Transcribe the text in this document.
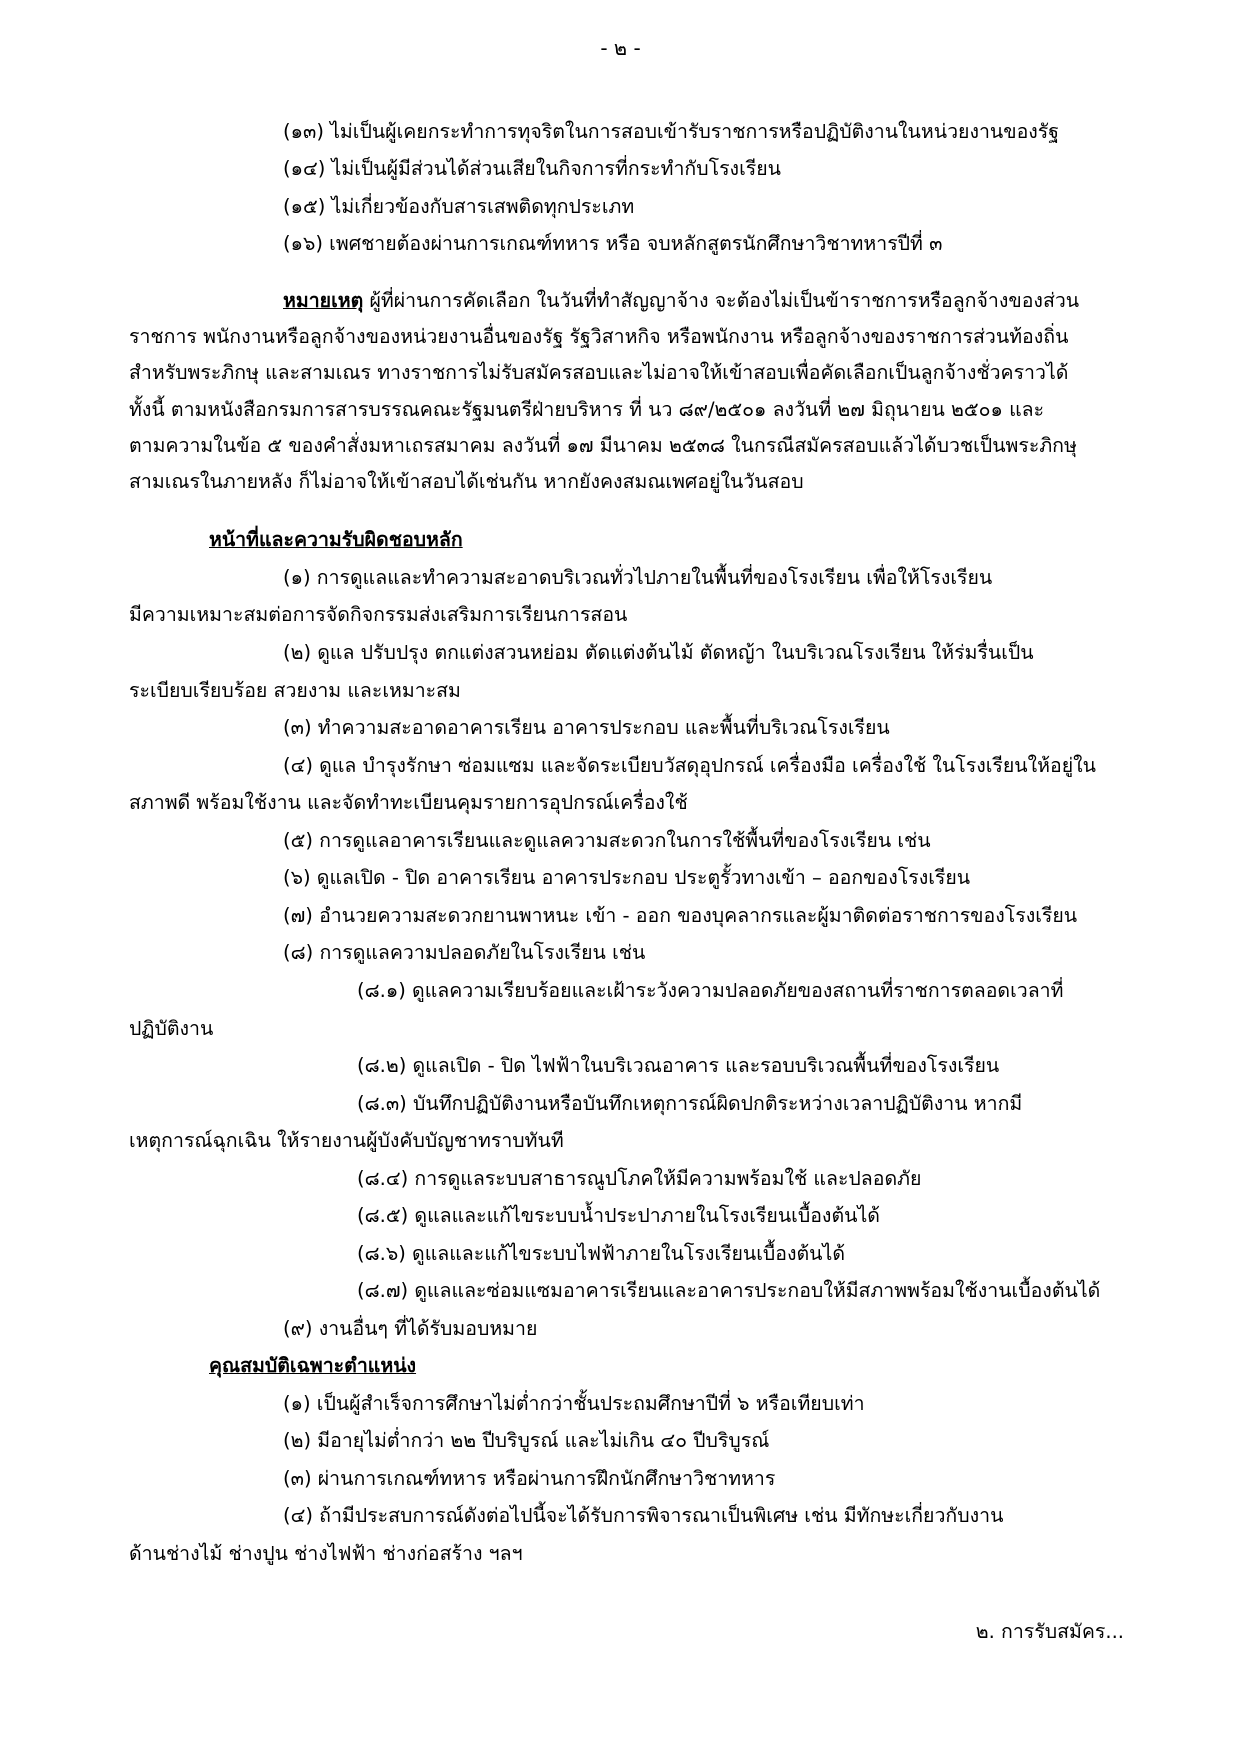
- ๒ -
(๑๓) ไม่เป็นผู้เคยกระทำการทุจริตในการสอบเข้ารับราชการหรือปฏิบัติงานในหน่วยงานของรัฐ
(๑๔) ไม่เป็นผู้มีส่วนได้ส่วนเสียในกิจการที่กระทำกับโรงเรียน
(๑๕) ไม่เกี่ยวข้องกับสารเสพติดทุกประเภท
(๑๖) เพศชายต้องผ่านการเกณฑ์ทหาร หรือ จบหลักสูตรนักศึกษาวิชาทหารปีที่ ๓
หมายเหตุ ผู้ที่ผ่านการคัดเลือก ในวันที่ทำสัญญาจ้าง จะต้องไม่เป็นข้าราชการหรือลูกจ้างของส่วน
ราชการ พนักงานหรือลูกจ้างของหน่วยงานอื่นของรัฐ รัฐวิสาหกิจ หรือพนักงาน หรือลูกจ้างของราชการส่วนท้องถิ่น
สำหรับพระภิกษุ และสามเณร ทางราชการไม่รับสมัครสอบและไม่อาจให้เข้าสอบเพื่อคัดเลือกเป็นลูกจ้างชั่วคราวได้
ทั้งนี้ ตามหนังสือกรมการสารบรรณคณะรัฐมนตรีฝ่ายบริหาร ที่ นว ๘๙/๒๕๐๑ ลงวันที่ ๒๗ มิถุนายน ๒๕๐๑ และ
ตามความในข้อ ๕ ของคำสั่งมหาเถรสมาคม ลงวันที่ ๑๗ มีนาคม ๒๕๓๘ ในกรณีสมัครสอบแล้วได้บวชเป็นพระภิกษุ
สามเณรในภายหลัง ก็ไม่อาจให้เข้าสอบได้เช่นกัน หากยังคงสมณเพศอยู่ในวันสอบ
หน้าที่และความรับผิดชอบหลัก
(๑) การดูแลและทำความสะอาดบริเวณทั่วไปภายในพื้นที่ของโรงเรียน เพื่อให้โรงเรียน
มีความเหมาะสมต่อการจัดกิจกรรมส่งเสริมการเรียนการสอน
(๒) ดูแล ปรับปรุง ตกแต่งสวนหย่อม ตัดแต่งต้นไม้ ตัดหญ้า ในบริเวณโรงเรียน ให้ร่มรื่นเป็น
ระเบียบเรียบร้อย สวยงาม และเหมาะสม
(๓) ทำความสะอาดอาคารเรียน อาคารประกอบ และพื้นที่บริเวณโรงเรียน
(๔) ดูแล บำรุงรักษา ซ่อมแซม และจัดระเบียบวัสดุอุปกรณ์ เครื่องมือ เครื่องใช้ ในโรงเรียนให้อยู่ใน
สภาพดี พร้อมใช้งาน และจัดทำทะเบียนคุมรายการอุปกรณ์เครื่องใช้
(๕) การดูแลอาคารเรียนและดูแลความสะดวกในการใช้พื้นที่ของโรงเรียน เช่น
(๖) ดูแลเปิด - ปิด อาคารเรียน อาคารประกอบ ประตูรั้วทางเข้า – ออกของโรงเรียน
(๗) อำนวยความสะดวกยานพาหนะ เข้า - ออก ของบุคลากรและผู้มาติดต่อราชการของโรงเรียน
(๘) การดูแลความปลอดภัยในโรงเรียน เช่น
(๘.๑) ดูแลความเรียบร้อยและเฝ้าระวังความปลอดภัยของสถานที่ราชการตลอดเวลาที่
ปฏิบัติงาน
(๘.๒) ดูแลเปิด - ปิด ไฟฟ้าในบริเวณอาคาร และรอบบริเวณพื้นที่ของโรงเรียน
(๘.๓) บันทึกปฏิบัติงานหรือบันทึกเหตุการณ์ผิดปกติระหว่างเวลาปฏิบัติงาน หากมี
เหตุการณ์ฉุกเฉิน ให้รายงานผู้บังคับบัญชาทราบทันที
(๘.๔) การดูแลระบบสาธารณูปโภคให้มีความพร้อมใช้ และปลอดภัย
(๘.๕) ดูแลและแก้ไขระบบน้ำประปาภายในโรงเรียนเบื้องต้นได้
(๘.๖) ดูแลและแก้ไขระบบไฟฟ้าภายในโรงเรียนเบื้องต้นได้
(๘.๗) ดูแลและซ่อมแซมอาคารเรียนและอาคารประกอบให้มีสภาพพร้อมใช้งานเบื้องต้นได้
(๙) งานอื่นๆ ที่ได้รับมอบหมาย
คุณสมบัติเฉพาะตำแหน่ง
(๑) เป็นผู้สำเร็จการศึกษาไม่ต่ำกว่าชั้นประถมศึกษาปีที่ ๖ หรือเทียบเท่า
(๒) มีอายุไม่ต่ำกว่า ๒๒ ปีบริบูรณ์ และไม่เกิน ๔๐ ปีบริบูรณ์
(๓) ผ่านการเกณฑ์ทหาร หรือผ่านการฝึกนักศึกษาวิชาทหาร
(๔) ถ้ามีประสบการณ์ดังต่อไปนี้จะได้รับการพิจารณาเป็นพิเศษ เช่น มีทักษะเกี่ยวกับงาน
ด้านช่างไม้ ช่างปูน ช่างไฟฟ้า ช่างก่อสร้าง ฯลฯ
๒. การรับสมัคร...
